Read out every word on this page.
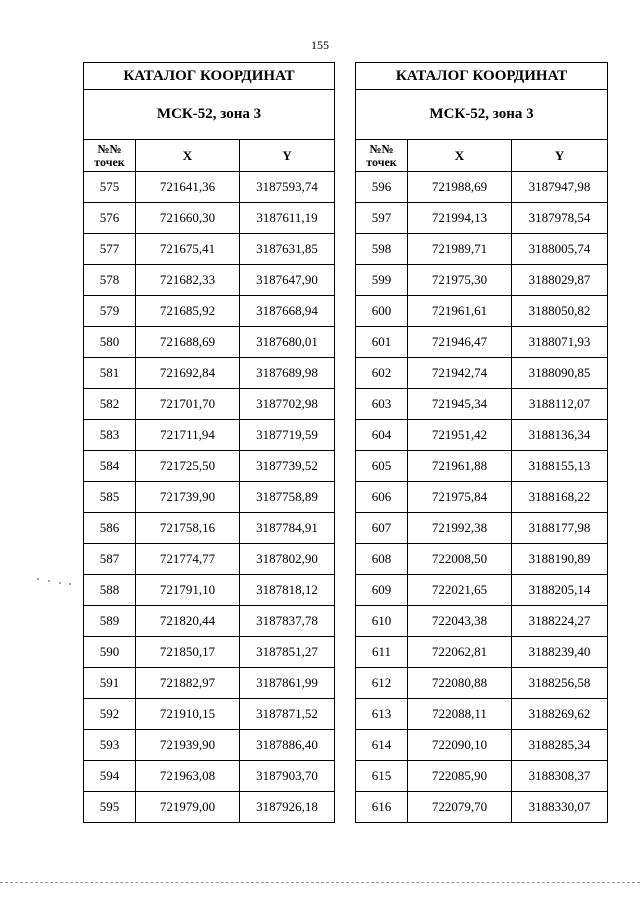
155
КАТАЛОГ КООРДИНАТ		
МСК-52, зона 3		
№№
точек	X	Y
575	721641,36	3187593,74
576	721660,30	3187611,19
577	721675,41	3187631,85
578	721682,33	3187647,90
579	721685,92	3187668,94
580	721688,69	3187680,01
581	721692,84	3187689,98
582	721701,70	3187702,98
583	721711,94	3187719,59
584	721725,50	3187739,52
585	721739,90	3187758,89
586	721758,16	3187784,91
587	721774,77	3187802,90
588	721791,10	3187818,12
589	721820,44	3187837,78
590	721850,17	3187851,27
591	721882,97	3187861,99
592	721910,15	3187871,52
593	721939,90	3187886,40
594	721963,08	3187903,70
595	721979,00	3187926,18
КАТАЛОГ КООРДИНАТ		
МСК-52, зона 3		
№№
точек	X	Y
596	721988,69	3187947,98
597	721994,13	3187978,54
598	721989,71	3188005,74
599	721975,30	3188029,87
600	721961,61	3188050,82
601	721946,47	3188071,93
602	721942,74	3188090,85
603	721945,34	3188112,07
604	721951,42	3188136,34
605	721961,88	3188155,13
606	721975,84	3188168,22
607	721992,38	3188177,98
608	722008,50	3188190,89
609	722021,65	3188205,14
610	722043,38	3188224,27
611	722062,81	3188239,40
612	722080,88	3188256,58
613	722088,11	3188269,62
614	722090,10	3188285,34
615	722085,90	3188308,37
616	722079,70	3188330,07
